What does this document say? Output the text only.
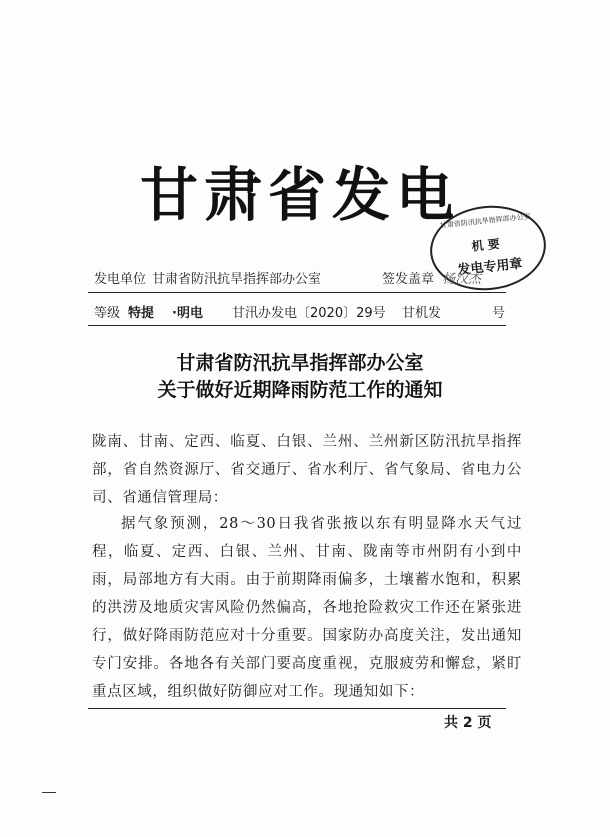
甘肃省发电
甘肃省防汛抗旱指挥部办公室
机要
发电专用章
发电单位 甘肃省防汛抗旱指挥部办公室	签发盖章 杨汉杰
等级 特提 ·明电 甘汛办发电〔2020〕29号 甘机发	号
甘肃省防汛抗旱指挥部办公室
关于做好近期降雨防范工作的通知
陇南、甘南、定西、临夏、白银、兰州、兰州新区防汛抗旱指挥部，省自然资源厅、省交通厅、省水利厅、省气象局、省电力公司、省通信管理局：
据气象预测，28～30日我省张掖以东有明显降水天气过程，临夏、定西、白银、兰州、甘南、陇南等市州阴有小到中雨，局部地方有大雨。由于前期降雨偏多，土壤蓄水饱和，积累的洪涝及地质灾害风险仍然偏高，各地抢险救灾工作还在紧张进行，做好降雨防范应对十分重要。国家防办高度关注，发出通知专门安排。各地各有关部门要高度重视，克服疲劳和懈怠，紧盯重点区域，组织做好防御应对工作。现通知如下：
共 2 页
